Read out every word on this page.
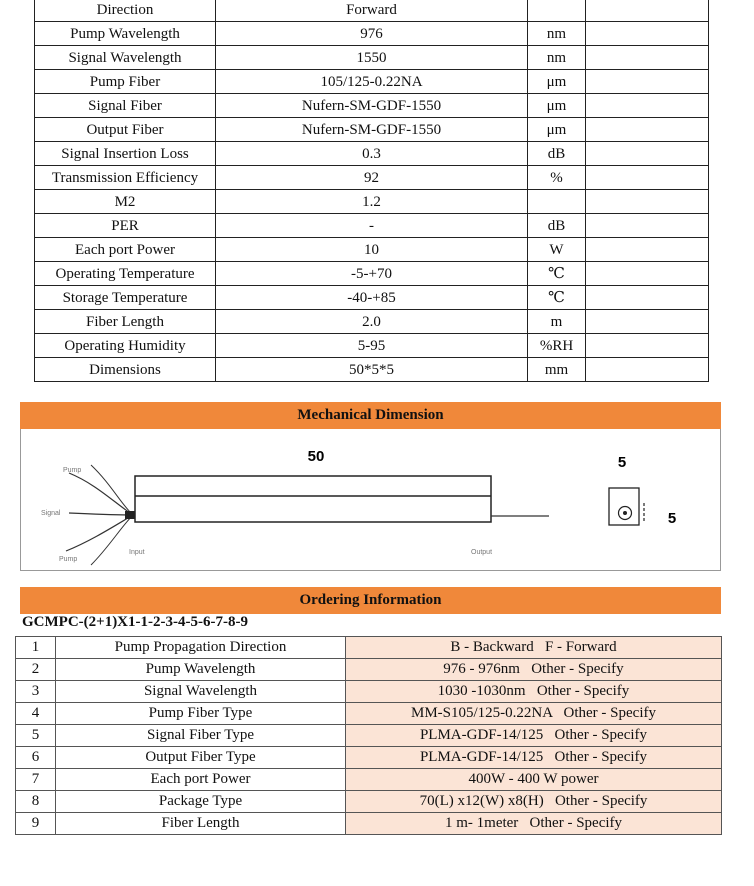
Direction	Forward		
Pump Wavelength	976	nm	
Signal Wavelength	1550	nm	
Pump Fiber	105/125-0.22NA	μm	
Signal Fiber	Nufern-SM-GDF-1550	μm	
Output Fiber	Nufern-SM-GDF-1550	μm	
Signal Insertion Loss	0.3	dB	
Transmission Efficiency	92	%	
M2	1.2		
PER	-	dB	
Each port Power	10	W	
Operating Temperature	-5-+70	℃	
Storage Temperature	-40-+85	℃	
Fiber Length	2.0	m	
Operating Humidity	5-95	%RH	
Dimensions	50*5*5	mm	
Mechanical Dimension
50
Pump
Signal
Pump
Input	Output
5
5
Ordering Information
GCMPC-(2+1)X1-1-2-3-4-5-6-7-8-9
1	Pump Propagation Direction	B - Backward   F - Forward
2	Pump Wavelength	976 - 976nm   Other - Specify
3	Signal Wavelength	1030 -1030nm   Other - Specify
4	Pump Fiber Type	MM-S105/125-0.22NA   Other - Specify
5	Signal Fiber Type	PLMA-GDF-14/125   Other - Specify
6	Output Fiber Type	PLMA-GDF-14/125   Other - Specify
7	Each port Power	400W - 400 W power
8	Package Type	70(L) x12(W) x8(H)   Other - Specify
9	Fiber Length	1 m- 1meter   Other - Specify
